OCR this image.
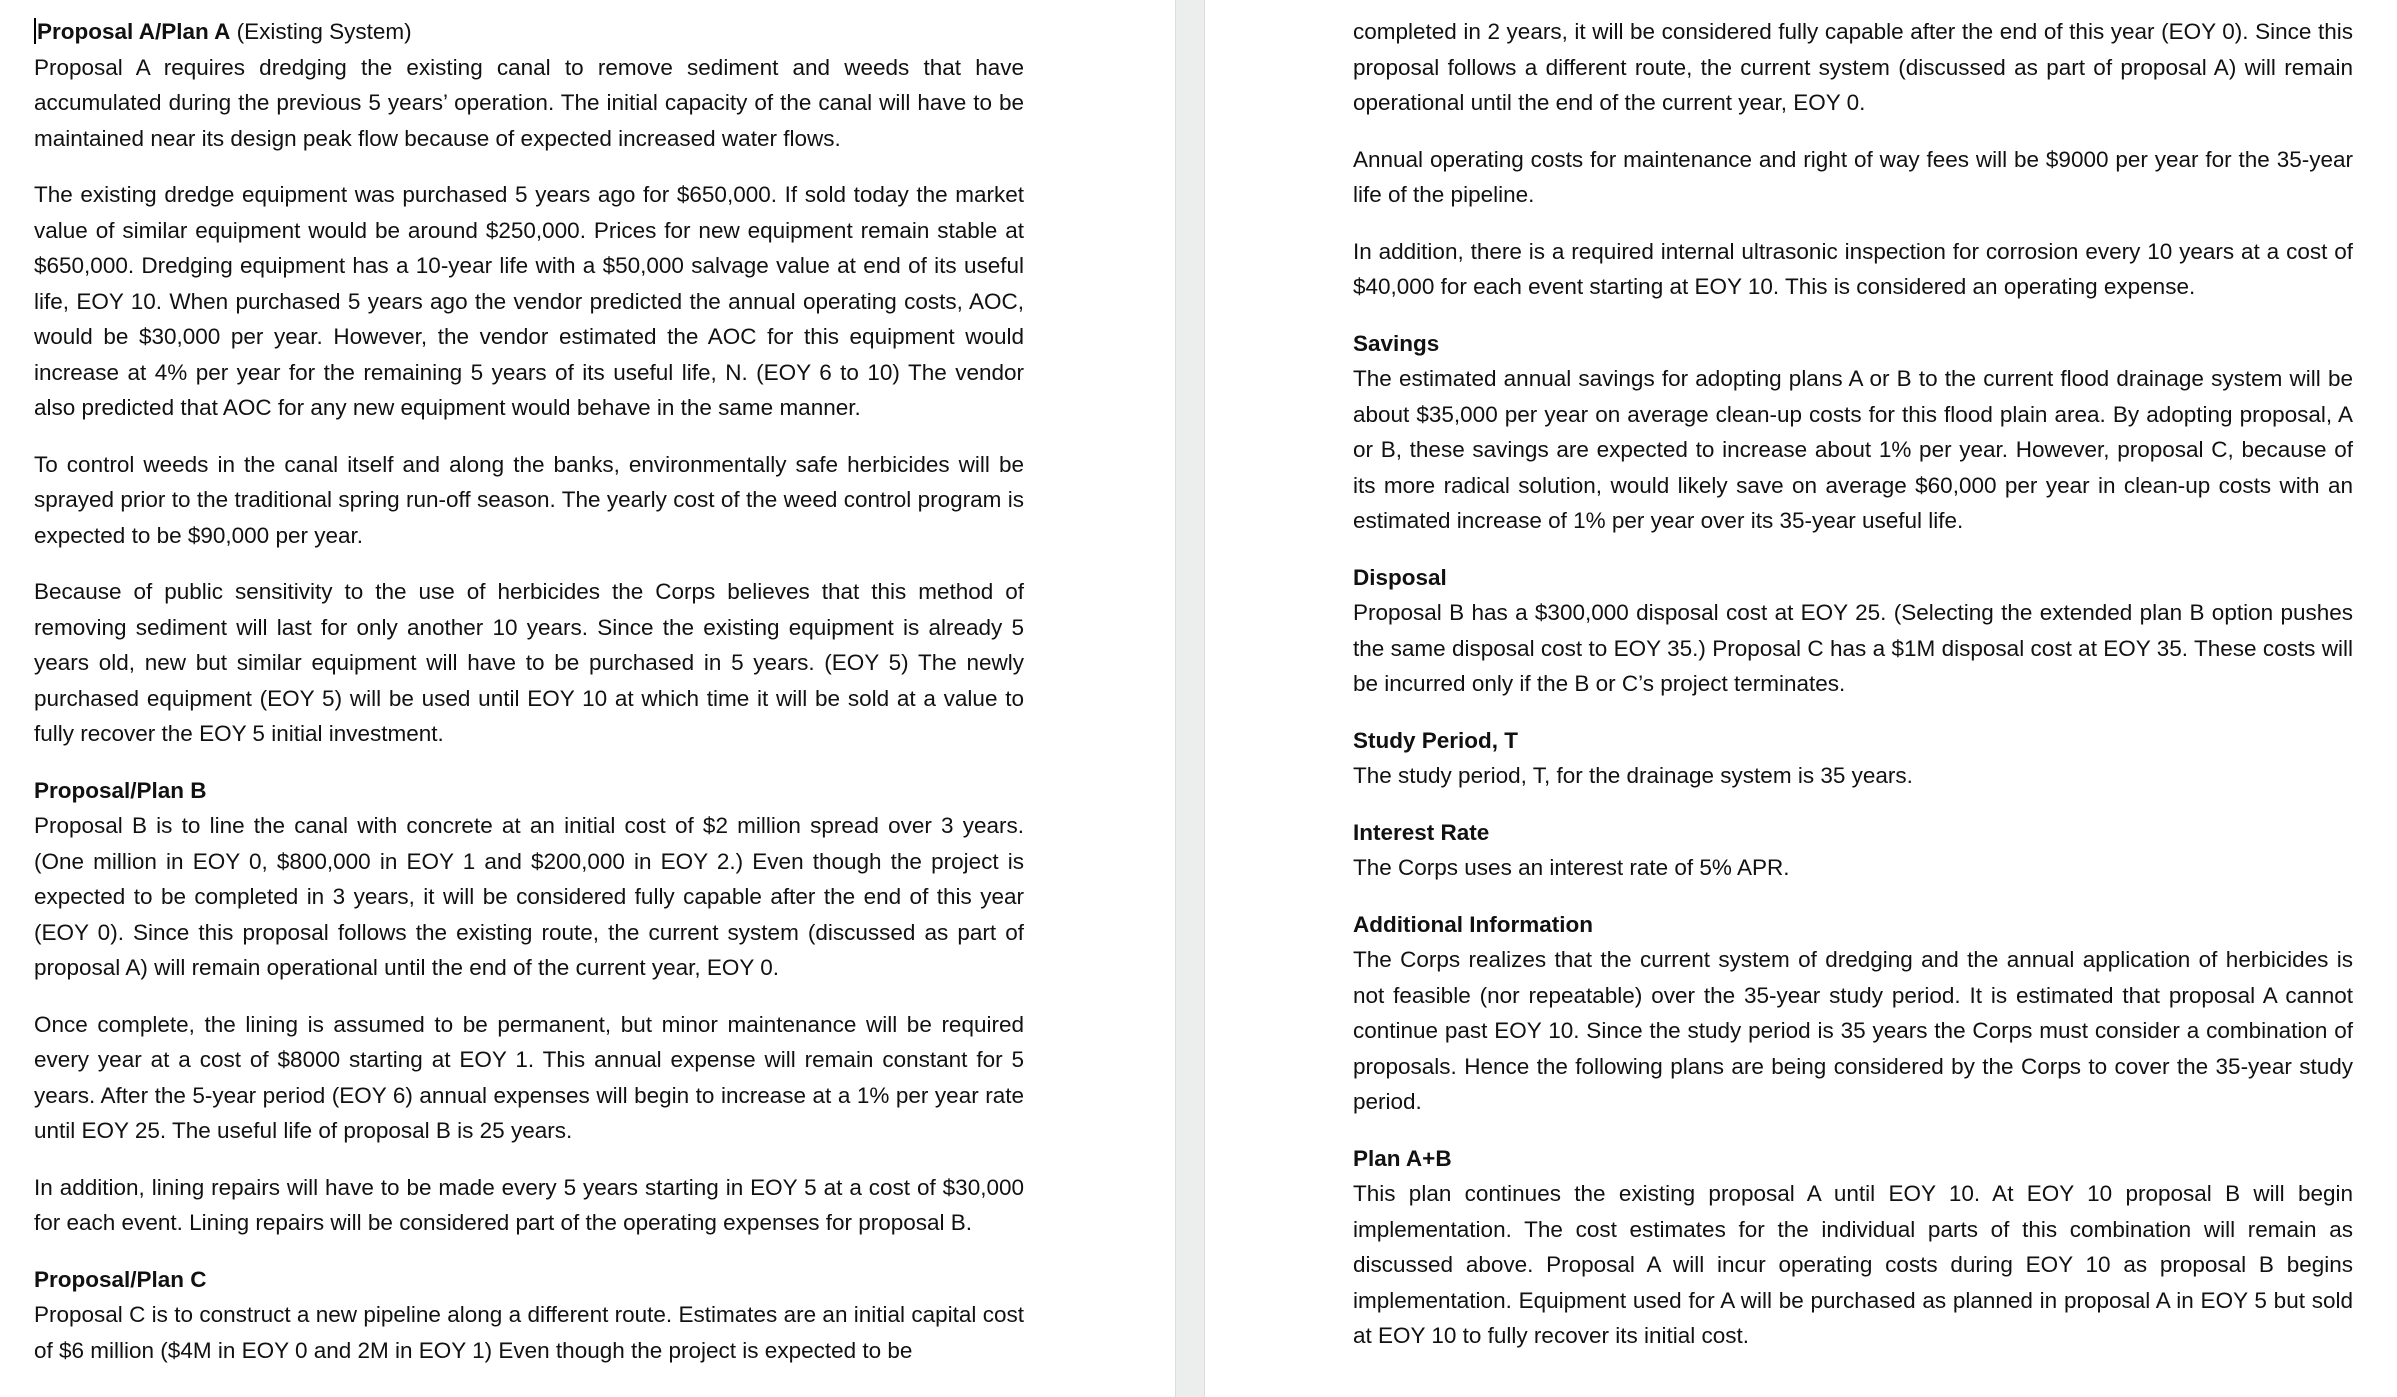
Proposal A/Plan A (Existing System)

Proposal A requires dredging the existing canal to remove sediment and weeds that have accumulated during the previous 5 years’ operation. The initial capacity of the canal will have to be maintained near its design peak flow because of expected increased water flows.

The existing dredge equipment was purchased 5 years ago for $650,000. If sold today the market value of similar equipment would be around $250,000. Prices for new equipment remain stable at $650,000. Dredging equipment has a 10-year life with a $50,000 salvage value at end of its useful life, EOY 10. When purchased 5 years ago the vendor predicted the annual operating costs, AOC, would be $30,000 per year. However, the vendor estimated the AOC for this equipment would increase at 4% per year for the remaining 5 years of its useful life, N. (EOY 6 to 10) The vendor also predicted that AOC for any new equipment would behave in the same manner.

To control weeds in the canal itself and along the banks, environmentally safe herbicides will be sprayed prior to the traditional spring run-off season. The yearly cost of the weed control program is expected to be $90,000 per year.

Because of public sensitivity to the use of herbicides the Corps believes that this method of removing sediment will last for only another 10 years. Since the existing equipment is already 5 years old, new but similar equipment will have to be purchased in 5 years. (EOY 5) The newly purchased equipment (EOY 5) will be used until EOY 10 at which time it will be sold at a value to fully recover the EOY 5 initial investment.

Proposal/Plan B

Proposal B is to line the canal with concrete at an initial cost of $2 million spread over 3 years. (One million in EOY 0, $800,000 in EOY 1 and $200,000 in EOY 2.) Even though the project is expected to be completed in 3 years, it will be considered fully capable after the end of this year (EOY 0). Since this proposal follows the existing route, the current system (discussed as part of proposal A) will remain operational until the end of the current year, EOY 0.

Once complete, the lining is assumed to be permanent, but minor maintenance will be required every year at a cost of $8000 starting at EOY 1. This annual expense will remain constant for 5 years. After the 5-year period (EOY 6) annual expenses will begin to increase at a 1% per year rate until EOY 25. The useful life of proposal B is 25 years.

In addition, lining repairs will have to be made every 5 years starting in EOY 5 at a cost of $30,000 for each event. Lining repairs will be considered part of the operating expenses for proposal B.

Proposal/Plan C

Proposal C is to construct a new pipeline along a different route. Estimates are an initial capital cost of $6 million ($4M in EOY 0 and 2M in EOY 1) Even though the project is expected to be

completed in 2 years, it will be considered fully capable after the end of this year (EOY 0). Since this proposal follows a different route, the current system (discussed as part of proposal A) will remain operational until the end of the current year, EOY 0.

Annual operating costs for maintenance and right of way fees will be $9000 per year for the 35-year life of the pipeline.

In addition, there is a required internal ultrasonic inspection for corrosion every 10 years at a cost of $40,000 for each event starting at EOY 10. This is considered an operating expense.

Savings

The estimated annual savings for adopting plans A or B to the current flood drainage system will be about $35,000 per year on average clean-up costs for this flood plain area. By adopting proposal, A or B, these savings are expected to increase about 1% per year. However, proposal C, because of its more radical solution, would likely save on average $60,000 per year in clean-up costs with an estimated increase of 1% per year over its 35-year useful life.

Disposal

Proposal B has a $300,000 disposal cost at EOY 25. (Selecting the extended plan B option pushes the same disposal cost to EOY 35.) Proposal C has a $1M disposal cost at EOY 35. These costs will be incurred only if the B or C’s project terminates.

Study Period, T

The study period, T, for the drainage system is 35 years.

Interest Rate

The Corps uses an interest rate of 5% APR.

Additional Information

The Corps realizes that the current system of dredging and the annual application of herbicides is not feasible (nor repeatable) over the 35-year study period. It is estimated that proposal A cannot continue past EOY 10. Since the study period is 35 years the Corps must consider a combination of proposals. Hence the following plans are being considered by the Corps to cover the 35-year study period.

Plan A+B

This plan continues the existing proposal A until EOY 10. At EOY 10 proposal B will begin implementation. The cost estimates for the individual parts of this combination will remain as discussed above. Proposal A will incur operating costs during EOY 10 as proposal B begins implementation. Equipment used for A will be purchased as planned in proposal A in EOY 5 but sold at EOY 10 to fully recover its initial cost.
